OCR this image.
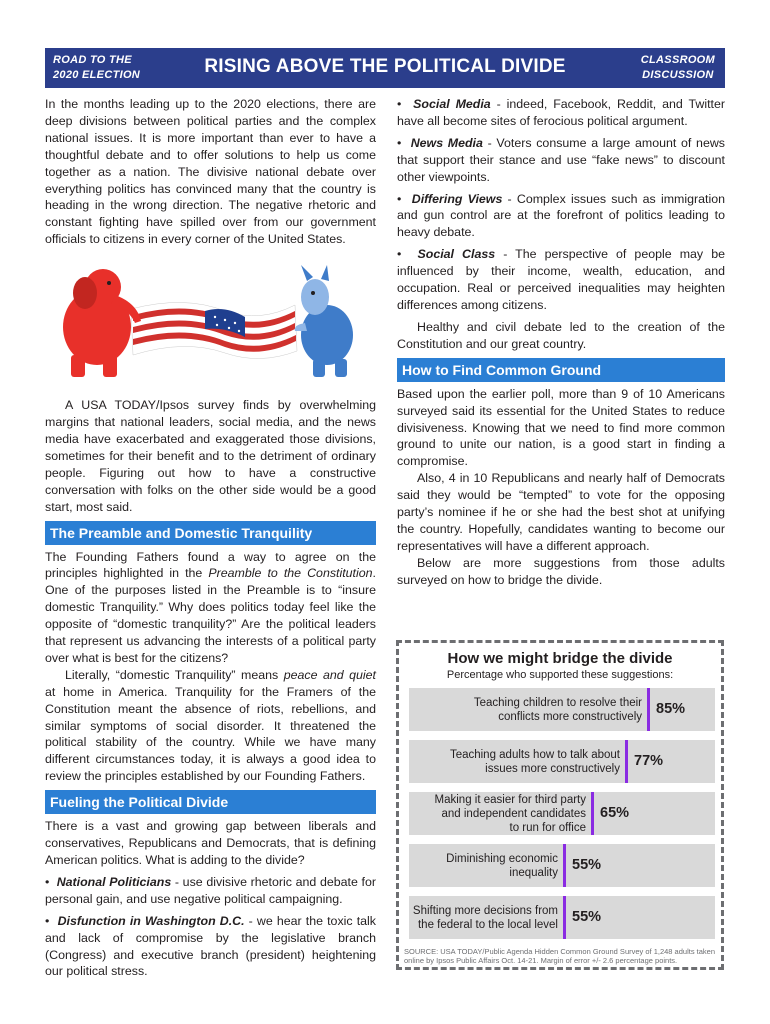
ROAD TO THE
2020 ELECTION	RISING ABOVE THE POLITICAL DIVIDE	CLASSROOM
DISCUSSION

In the months leading up to the 2020 elections, there are deep divisions between political parties and the complex national issues. It is more important than ever to have a thoughtful debate and to offer solutions to help us come together as a nation. The divisive national debate over everything politics has convinced many that the country is heading in the wrong direction. The negative rhetoric and constant fighting have spilled over from our government officials to citizens in every corner of the United States.

A USA TODAY/Ipsos survey finds by overwhelming margins that national leaders, social media, and the news media have exacerbated and exaggerated those divisions, sometimes for their benefit and to the detriment of ordinary people. Figuring out how to have a constructive conversation with folks on the other side would be a good start, most said.

The Preamble and Domestic Tranquility

The Founding Fathers found a way to agree on the principles highlighted in the Preamble to the Constitution. One of the purposes listed in the Preamble is to “insure domestic Tranquility.” Why does politics today feel like the opposite of “domestic tranquility?” Are the political leaders that represent us advancing the interests of a political party over what is best for the citizens?

Literally, “domestic Tranquility” means peace and quiet at home in America. Tranquility for the Framers of the Constitution meant the absence of riots, rebellions, and similar symptoms of social disorder. It threatened the political stability of the country. While we have many different circumstances today, it is always a good idea to review the principles established by our Founding Fathers.

Fueling the Political Divide

There is a vast and growing gap between liberals and conservatives, Republicans and Democrats, that is defining American politics. What is adding to the divide?

•  National Politicians - use divisive rhetoric and debate for personal gain, and use negative political campaigning.

•  Disfunction in Washington D.C. - we hear the toxic talk and lack of compromise by the legislative branch (Congress) and executive branch (president) heightening our political stress.

•  Social Media - indeed, Facebook, Reddit, and Twitter have all become sites of ferocious political argument.

•  News Media - Voters consume a large amount of news that support their stance and use “fake news” to discount other viewpoints.

•  Differing Views - Complex issues such as immigration and gun control are at the forefront of politics leading to heavy debate.

•  Social Class - The perspective of people may be influenced by their income, wealth, education, and occupation. Real or perceived inequalities may heighten differences among citizens.

Healthy and civil debate led to the creation of the Constitution and our great country.

How to Find Common Ground

Based upon the earlier poll, more than 9 of 10 Americans surveyed said its essential for the United States to reduce divisiveness. Knowing that we need to find more common ground to unite our nation, is a good start in finding a compromise.

Also, 4 in 10 Republicans and nearly half of Democrats said they would be “tempted” to vote for the opposing party’s nominee if he or she had the best shot at unifying the country. Hopefully, candidates wanting to become our representatives will have a different approach.

Below are more suggestions from those adults surveyed on how to bridge the divide.

How we might bridge the divide
Percentage who supported these suggestions:
Teaching children to resolve their
conflicts more constructively 85%
Teaching adults how to talk about
issues more constructively 77%
Making it easier for third party
and independent candidates
to run for office
65%
Diminishing economic
inequality 55%
Shifting more decisions from
the federal to the local level 55%
SOURCE: USA TODAY/Public Agenda Hidden Common Ground Survey of 1,248 adults taken online by Ipsos Public Affairs Oct. 14-21. Margin of error +/- 2.6 percentage points.
